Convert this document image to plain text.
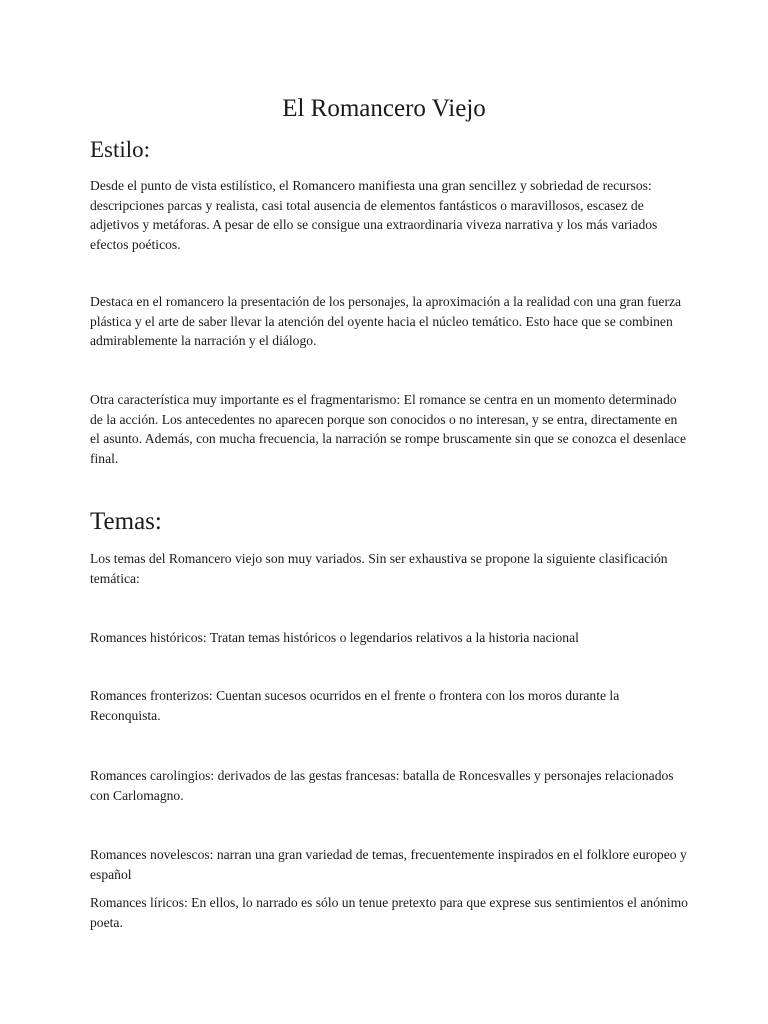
El Romancero Viejo
Estilo:

Desde el punto de vista estilístico, el Romancero manifiesta una gran sencillez y sobriedad de recursos: descripciones parcas y realista, casi total ausencia de elementos fantásticos o maravillosos, escasez de adjetivos y metáforas. A pesar de ello se consigue una extraordinaria viveza narrativa y los más variados efectos poéticos.

Destaca en el romancero la presentación de los personajes, la aproximación a la realidad con una gran fuerza plástica y el arte de saber llevar la atención del oyente hacia el núcleo temático. Esto hace que se combinen admirablemente la narración y el diálogo.

Otra característica muy importante es el fragmentarismo: El romance se centra en un momento determinado de la acción. Los antecedentes no aparecen porque son conocidos o no interesan, y se entra, directamente en el asunto. Además, con mucha frecuencia, la narración se rompe bruscamente sin que se conozca el desenlace final.

Temas:

Los temas del Romancero viejo son muy variados. Sin ser exhaustiva se propone la siguiente clasificación temática:

Romances históricos: Tratan temas históricos o legendarios relativos a la historia nacional

Romances fronterizos: Cuentan sucesos ocurridos en el frente o frontera con los moros durante la Reconquista.

Romances carolingios: derivados de las gestas francesas: batalla de Roncesvalles y personajes relacionados con Carlomagno.

Romances novelescos: narran una gran variedad de temas, frecuentemente inspirados en el folklore europeo y español

Romances líricos: En ellos, lo narrado es sólo un tenue pretexto para que exprese sus sentimientos el anónimo poeta.
